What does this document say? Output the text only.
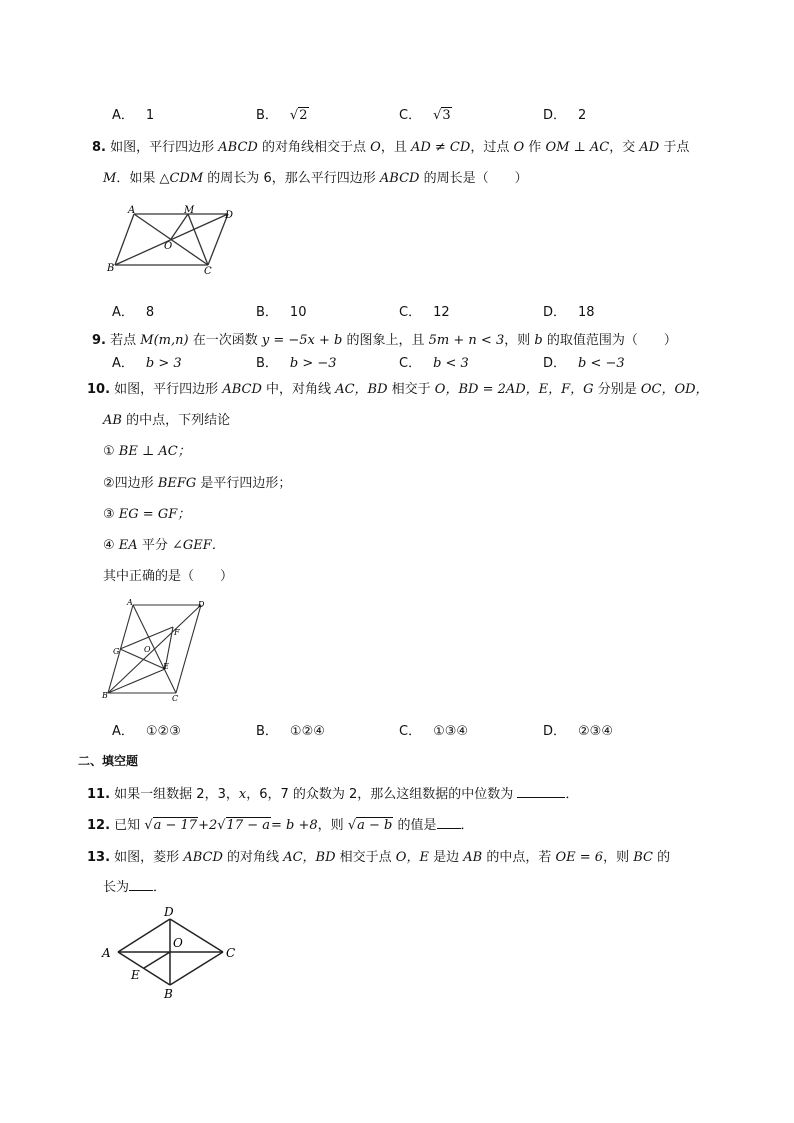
A． 1	B． √2	C． √3	D． 2
8. 如图，平行四边形 ABCD 的对角线相交于点 O，且 AD ≠ CD，过点 O 作 OM ⊥ AC，交 AD 于点
M．如果 △CDM 的周长为 6，那么平行四边形 ABCD 的周长是（　　）
A	M	D
O
B	C
A． 8	B． 10	C． 12	D． 18
9. 若点 M(m,n) 在一次函数 y = −5x + b 的图象上，且 5m + n < 3，则 b 的取值范围为（　　）
A． b > 3	B． b > −3	C． b < 3	D． b < −3
10. 如图，平行四边形 ABCD 中，对角线 AC，BD 相交于 O，BD = 2AD，E，F，G 分别是 OC，OD，
AB 的中点，下列结论
① BE ⊥ AC；
②四边形 BEFG 是平行四边形；
③ EG = GF；
④ EA 平分 ∠GEF．
其中正确的是（　　）
A	D
F
G	O
E
B	C
A． ①②③	B． ①②④	C． ①③④	D． ②③④
二、填空题
11. 如果一组数据 2，3，x，6，7 的众数为 2，那么这组数据的中位数为	．
12. 已知 √a − 17+2√17 − a= b +8，则 √a − b 的值是 ．
13. 如图，菱形 ABCD 的对角线 AC，BD 相交于点 O，E 是边 AB 的中点，若 OE = 6，则 BC 的
长为 ．
D
A
O
C
E
B
